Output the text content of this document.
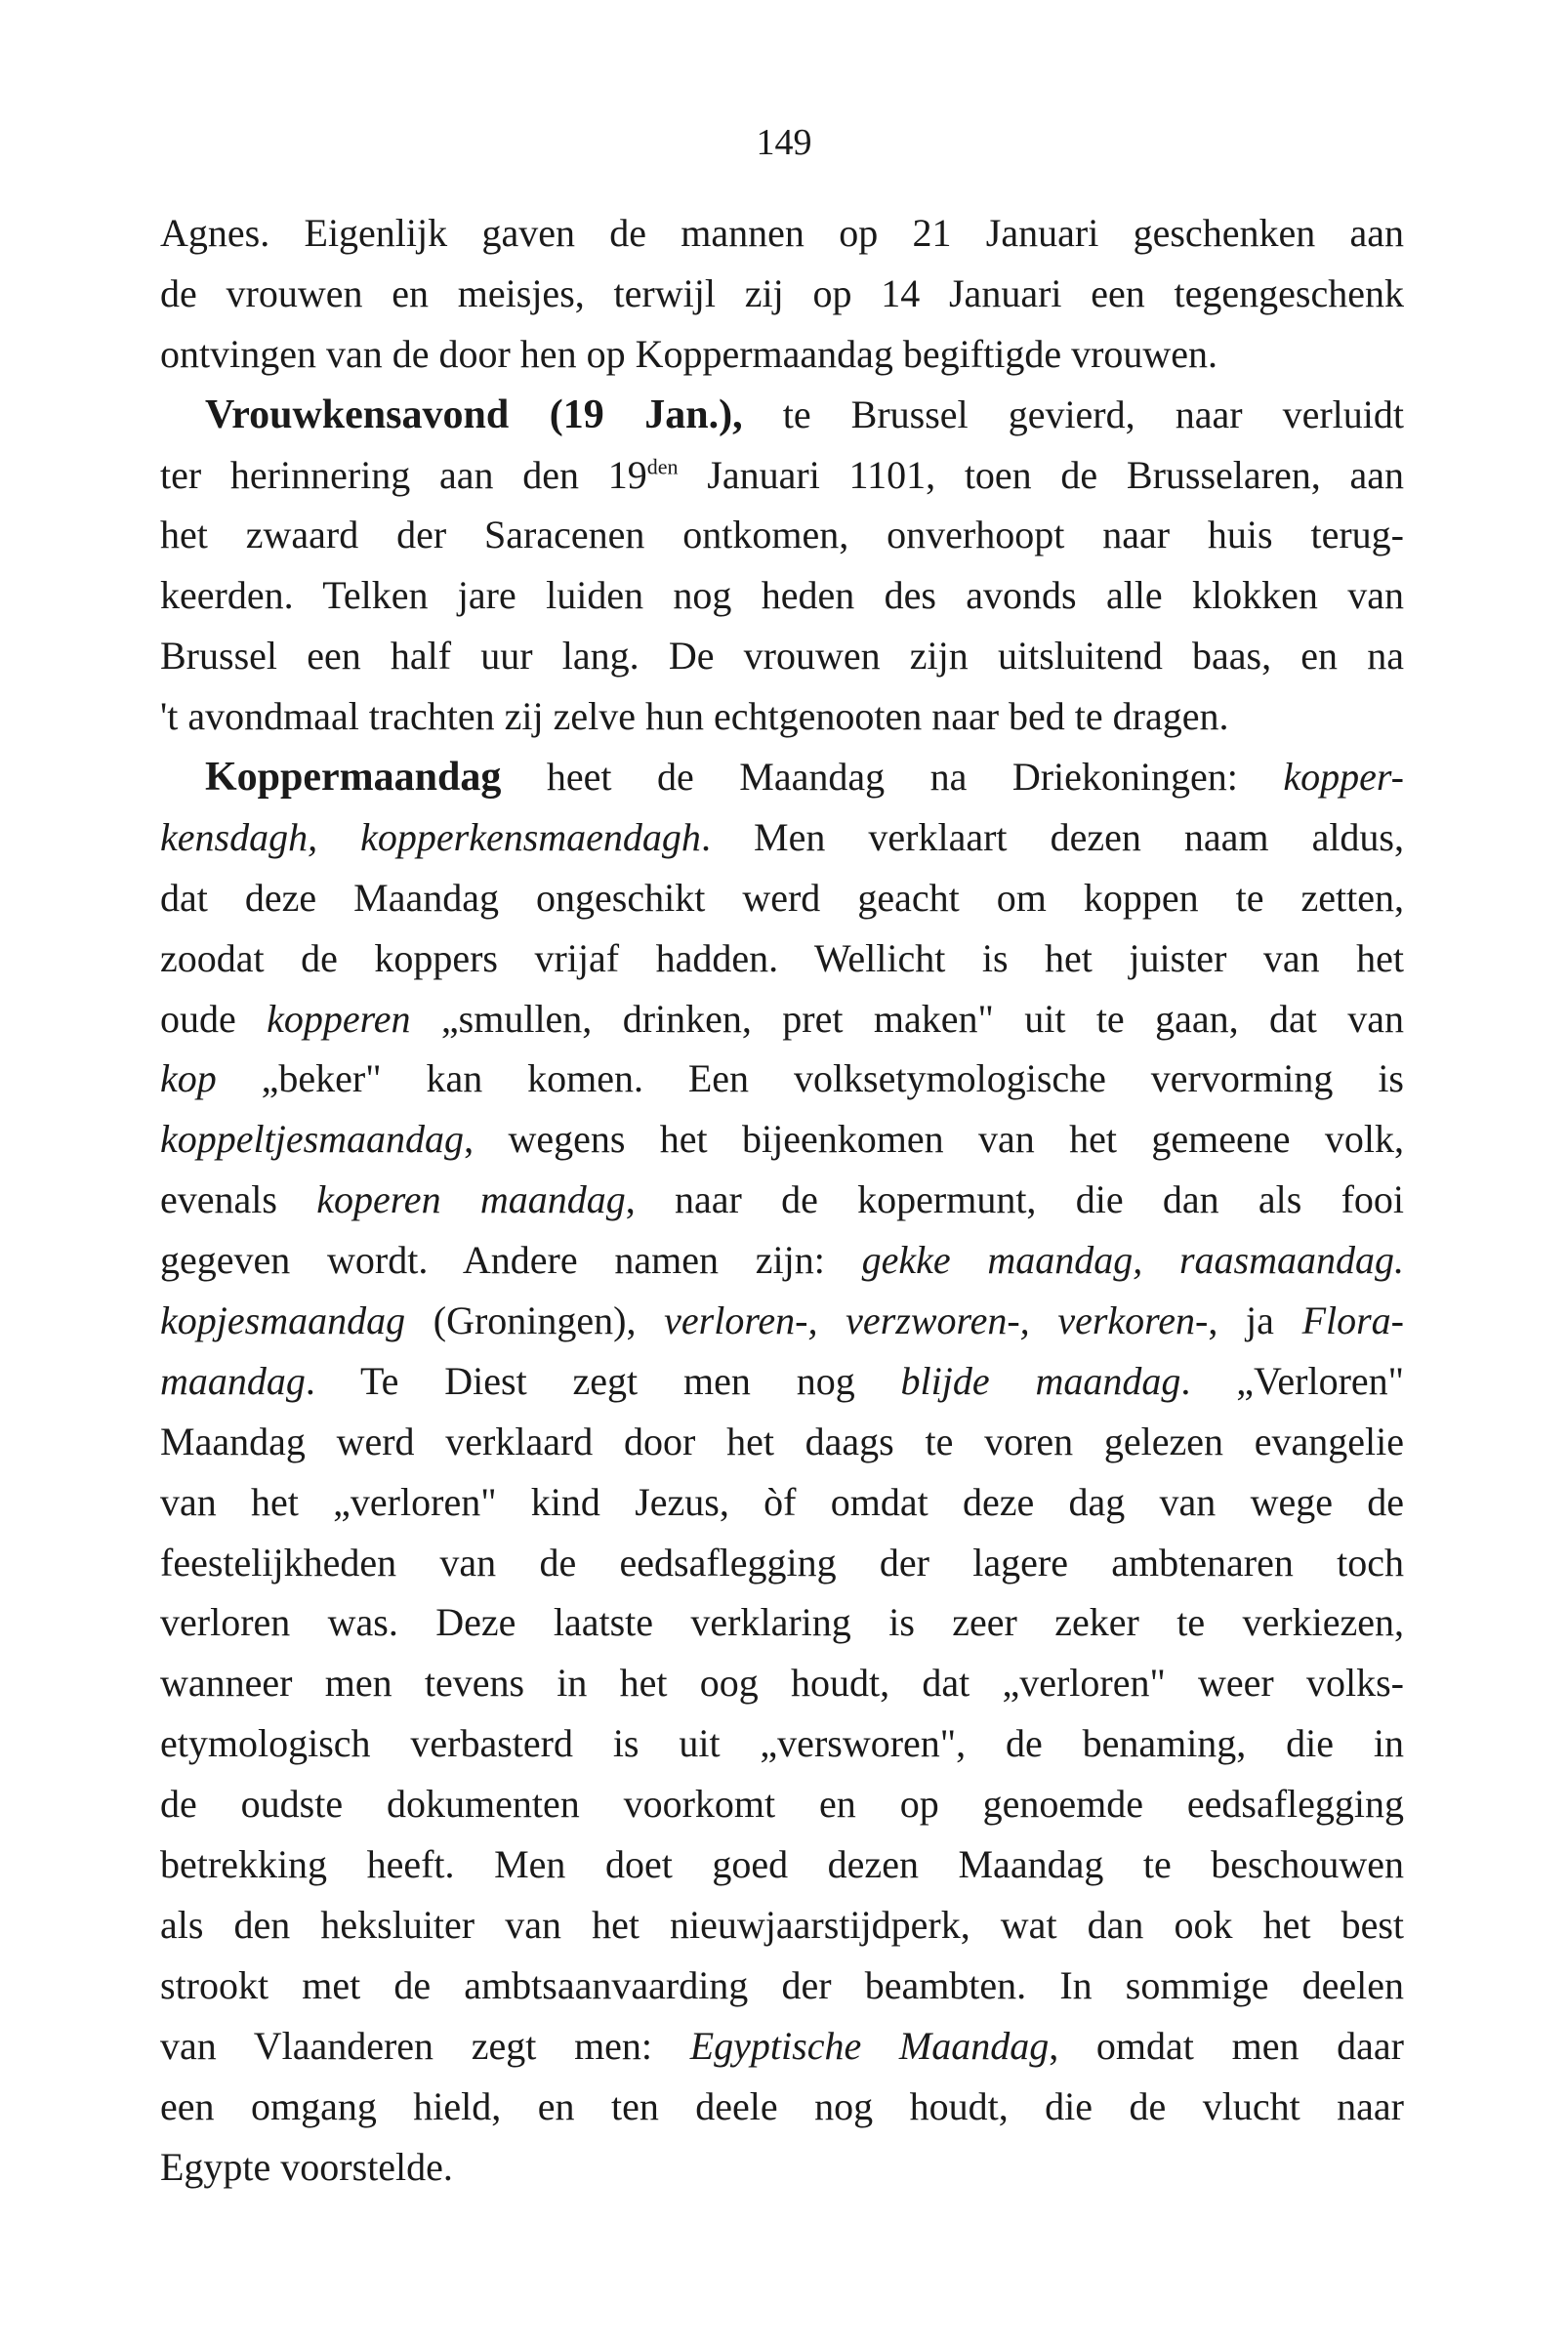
149
Agnes. Eigenlijk gaven de mannen op 21 Januari geschenken aan
de vrouwen en meisjes, terwijl zij op 14 Januari een tegengeschenk
ontvingen van de door hen op Koppermaandag begiftigde vrouwen.
Vrouwkensavond (19 Jan.), te Brussel gevierd, naar verluidt
ter herinnering aan den $19^{den}$ Januari 1101, toen de Brusselaren, aan
het zwaard der Saracenen ontkomen, onverhoopt naar huis terug-
keerden. Telken jare luiden nog heden des avonds alle klokken van
Brussel een half uur lang. De vrouwen zijn uitsluitend baas, en na
't avondmaal trachten zij zelve hun echtgenooten naar bed te dragen.
Koppermaandag heet de Maandag na Driekoningen: kopper-
kensdagh, kopperkensmaendagh. Men verklaart dezen naam aldus,
dat deze Maandag ongeschikt werd geacht om koppen te zetten,
zoodat de koppers vrijaf hadden. Wellicht is het juister van het
oude kopperen „smullen, drinken, pret maken" uit te gaan, dat van
kop „beker" kan komen. Een volksetymologische vervorming is
koppeltjesmaandag, wegens het bijeenkomen van het gemeene volk,
evenals koperen maandag, naar de kopermunt, die dan als fooi
gegeven wordt. Andere namen zijn: gekke maandag, raasmaandag.
kopjesmaandag (Groningen), verloren-, verzworen-, verkoren-, ja Flora-
maandag. Te Diest zegt men nog blijde maandag. „Verloren"
Maandag werd verklaard door het daags te voren gelezen evangelie
van het „verloren" kind Jezus, òf omdat deze dag van wege de
feestelijkheden van de eedsaflegging der lagere ambtenaren toch
verloren was. Deze laatste verklaring is zeer zeker te verkiezen,
wanneer men tevens in het oog houdt, dat „verloren" weer volks-
etymologisch verbasterd is uit „versworen", de benaming, die in
de oudste dokumenten voorkomt en op genoemde eedsaflegging
betrekking heeft. Men doet goed dezen Maandag te beschouwen
als den heksluiter van het nieuwjaarstijdperk, wat dan ook het best
strookt met de ambtsaanvaarding der beambten. In sommige deelen
van Vlaanderen zegt men: Egyptische Maandag, omdat men daar
een omgang hield, en ten deele nog houdt, die de vlucht naar
Egypte voorstelde.
